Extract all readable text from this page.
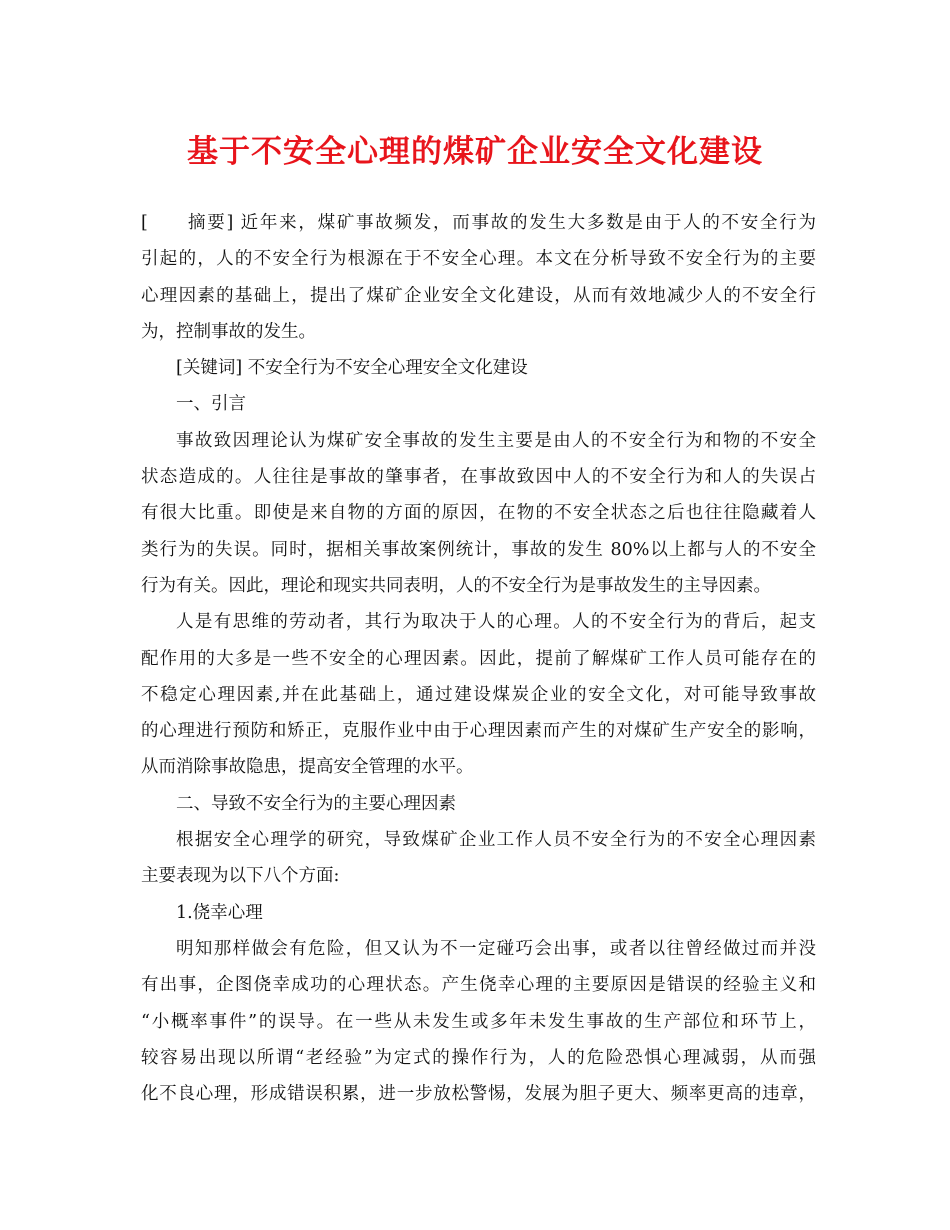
基于不安全心理的煤矿企业安全文化建设
[　　摘要] 近年来，煤矿事故频发，而事故的发生大多数是由于人的不安全行为
引起的，人的不安全行为根源在于不安全心理。本文在分析导致不安全行为的主要
心理因素的基础上，提出了煤矿企业安全文化建设，从而有效地减少人的不安全行
为，控制事故的发生。
[关键词] 不安全行为不安全心理安全文化建设
一、引言
事故致因理论认为煤矿安全事故的发生主要是由人的不安全行为和物的不安全
状态造成的。人往往是事故的肇事者，在事故致因中人的不安全行为和人的失误占
有很大比重。即使是来自物的方面的原因，在物的不安全状态之后也往往隐藏着人
类行为的失误。同时，据相关事故案例统计，事故的发生 80%以上都与人的不安全
行为有关。因此，理论和现实共同表明，人的不安全行为是事故发生的主导因素。
人是有思维的劳动者，其行为取决于人的心理。人的不安全行为的背后，起支
配作用的大多是一些不安全的心理因素。因此，提前了解煤矿工作人员可能存在的
不稳定心理因素,并在此基础上，通过建设煤炭企业的安全文化，对可能导致事故
的心理进行预防和矫正，克服作业中由于心理因素而产生的对煤矿生产安全的影响，
从而消除事故隐患，提高安全管理的水平。
二、导致不安全行为的主要心理因素
根据安全心理学的研究，导致煤矿企业工作人员不安全行为的不安全心理因素
主要表现为以下八个方面:
1.侥幸心理
明知那样做会有危险，但又认为不一定碰巧会出事，或者以往曾经做过而并没
有出事，企图侥幸成功的心理状态。产生侥幸心理的主要原因是错误的经验主义和
“小概率事件”的误导。在一些从未发生或多年未发生事故的生产部位和环节上，
较容易出现以所谓“老经验”为定式的操作行为，人的危险恐惧心理减弱，从而强
化不良心理，形成错误积累，进一步放松警惕，发展为胆子更大、频率更高的违章，
